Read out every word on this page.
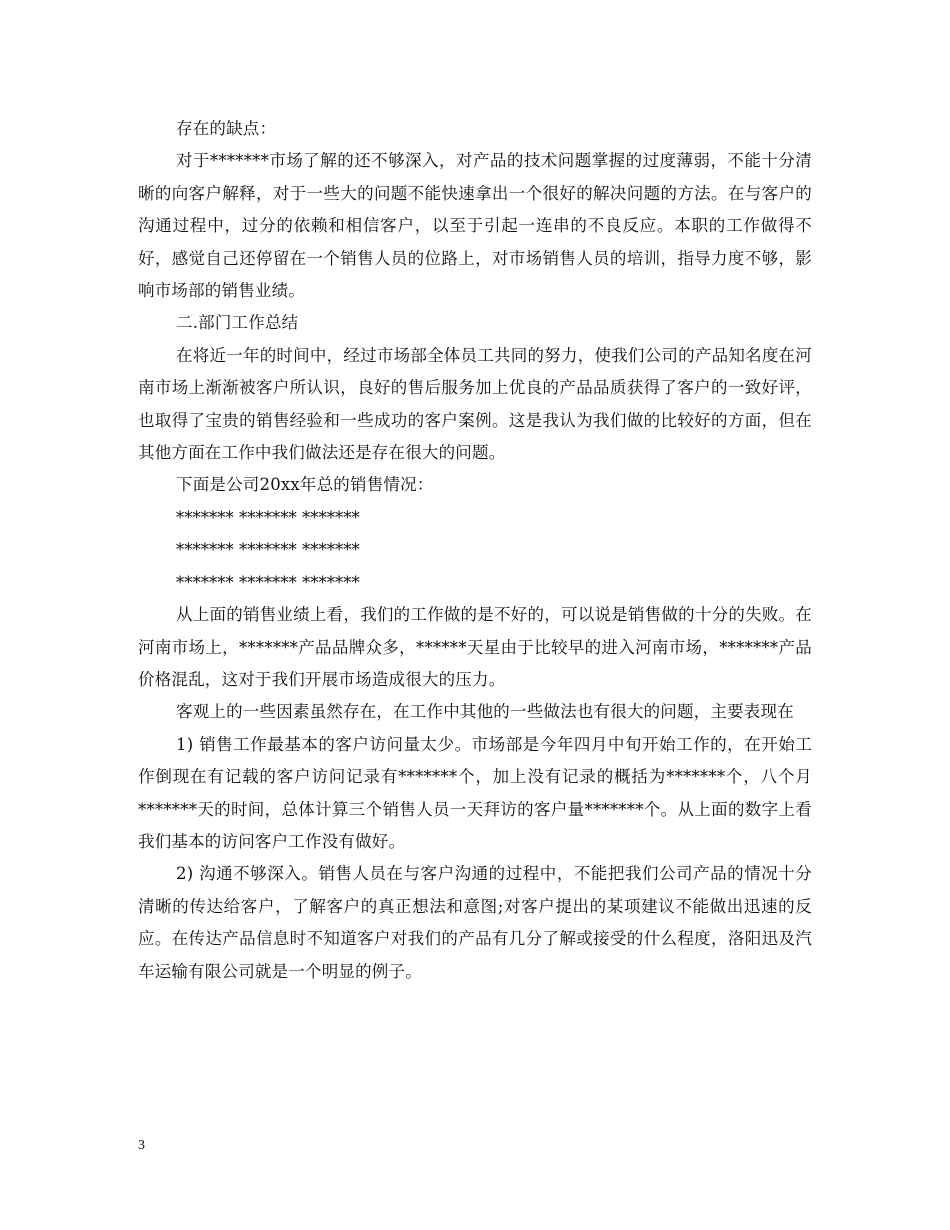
存在的缺点：

对于*******市场了解的还不够深入，对产品的技术问题掌握的过度薄弱，不能十分清晰的向客户解释，对于一些大的问题不能快速拿出一个很好的解决问题的方法。在与客户的沟通过程中，过分的依赖和相信客户，以至于引起一连串的不良反应。本职的工作做得不好，感觉自己还停留在一个销售人员的位路上，对市场销售人员的培训，指导力度不够，影响市场部的销售业绩。

二.部门工作总结

在将近一年的时间中，经过市场部全体员工共同的努力，使我们公司的产品知名度在河南市场上渐渐被客户所认识，良好的售后服务加上优良的产品品质获得了客户的一致好评，也取得了宝贵的销售经验和一些成功的客户案例。这是我认为我们做的比较好的方面，但在其他方面在工作中我们做法还是存在很大的问题。

下面是公司20xx年总的销售情况：

******* ******* *******

******* ******* *******

******* ******* *******

从上面的销售业绩上看，我们的工作做的是不好的，可以说是销售做的十分的失败。在河南市场上，*******产品品牌众多，******天星由于比较早的进入河南市场，*******产品价格混乱，这对于我们开展市场造成很大的压力。

客观上的一些因素虽然存在，在工作中其他的一些做法也有很大的问题，主要表现在

1) 销售工作最基本的客户访问量太少。市场部是今年四月中旬开始工作的，在开始工作倒现在有记载的客户访问记录有*******个，加上没有记录的概括为*******个，八个月*******天的时间，总体计算三个销售人员一天拜访的客户量*******个。从上面的数字上看我们基本的访问客户工作没有做好。

2) 沟通不够深入。销售人员在与客户沟通的过程中，不能把我们公司产品的情况十分清晰的传达给客户，了解客户的真正想法和意图;对客户提出的某项建议不能做出迅速的反应。在传达产品信息时不知道客户对我们的产品有几分了解或接受的什么程度，洛阳迅及汽车运输有限公司就是一个明显的例子。

3
